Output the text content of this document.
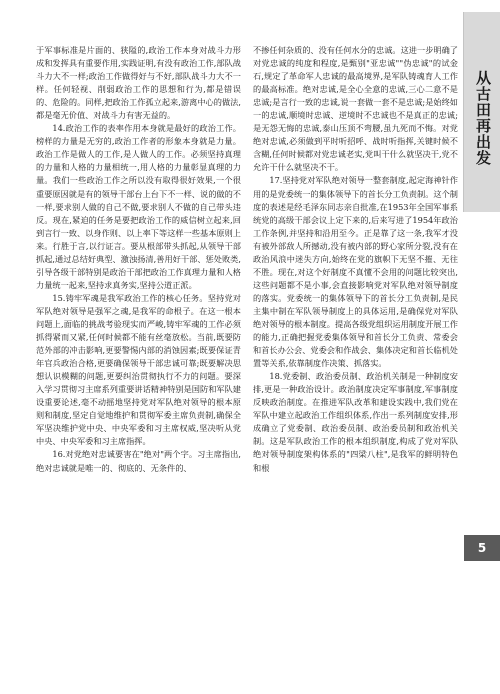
从古田再出发
5

于军事标准是片面的、狭隘的,政治工作本身对战斗力形成和发挥具有重要作用,实践证明,有没有政治工作,部队战斗力大不一样;政治工作做得好与不好,部队战斗力大不一样。任何轻视、削弱政治工作的思想和行为,都是错误的、危险的。同样,把政治工作孤立起来,游离中心的做法,都是毫无价值、对战斗力有害无益的。

14.政治工作的表率作用本身就是最好的政治工作。榜样的力量是无穷的,政治工作者的形象本身就是力量。政治工作是做人的工作,是人做人的工作。必须坚持真理的力量和人格的力量相统一,用人格的力量彰显真理的力量。我们一些政治工作之所以没有取得很好效果,一个很重要原因就是有的领导干部台上台下不一样、说的做的不一样,要求别人做的自己不做,要求别人不做的自己带头违反。现在,紧迫的任务是要把政治工作的威信树立起来,回到言行一致、以身作则、以上率下等这样一些基本原则上来。行胜于言,以行证言。要从根部带头抓起,从领导干部抓起,通过总结好典型、激浊扬清,善用好干部、惩处败类,引导各级干部特别是政治干部把政治工作真理力量和人格力量统一起来,坚持求真务实,坚持公道正派。

15.铸牢军魂是我军政治工作的核心任务。坚持党对军队绝对领导是强军之魂,是我军的命根子。在这一根本问题上,面临的挑战考验现实而严峻,铸牢军魂的工作必须抓得紧而又紧,任何时候都不能有丝毫放松。当前,既要防范外部的冲击影响,更要警惕内部的消蚀因素;既要保证青年官兵政治合格,更要确保领导干部忠诚可靠;既要解决思想认识模糊的问题,更要纠治贯彻执行不力的问题。要深入学习贯彻习主席系列重要讲话精神特别是国防和军队建设重要论述,毫不动摇地坚持党对军队绝对领导的根本原则和制度,坚定自觉地维护和贯彻军委主席负责制,确保全军坚决维护党中央、中央军委和习主席权威,坚决听从党中央、中央军委和习主席指挥。

16.对党绝对忠诚要害在"绝对"两个字。习主席指出,绝对忠诚就是唯一的、彻底的、无条件的、

不掺任何杂质的、没有任何水分的忠诚。这进一步明确了对党忠诚的纯度和程度,是甄别"亚忠诚""伪忠诚"的试金石,规定了革命军人忠诚的最高境界,是军队铸魂育人工作的最高标准。绝对忠诚,是全心全意的忠诚,三心二意不是忠诚;是言行一致的忠诚,说一套做一套不是忠诚;是始终如一的忠诚,顺境时忠诚、逆境时不忠诚也不是真正的忠诚;是无怨无悔的忠诚,泰山压顶不弯腰,虽九死而不悔。对党绝对忠诚,必须做到平时听招呼、战时听指挥,关键时候不含糊,任何时候都对党忠诚老实,党叫干什么就坚决干,党不允许干什么就坚决不干。

17.坚持党对军队绝对领导一整套制度,起定海神针作用的是党委统一的集体领导下的首长分工负责制。这个制度的表述是经毛泽东同志亲自批准,在1953年全国军事系统党的高级干部会议上定下来的,后来写进了1954年政治工作条例,并坚持和沿用至今。正是靠了这一条,我军才没有被外部敌人所撼动,没有被内部的野心家所分裂,没有在政治风浪中迷失方向,始终在党的旗帜下无坚不摧、无往不胜。现在,对这个好制度不真懂不会用的问题比较突出,这些问题都不是小事,会直接影响党对军队绝对领导制度的落实。党委统一的集体领导下的首长分工负责制,是民主集中制在军队领导制度上的具体运用,是确保党对军队绝对领导的根本制度。提高各级党组织运用制度开展工作的能力,正确把握党委集体领导和首长分工负责、常委会和首长办公会、党委会和作战会、集体决定和首长临机处置等关系,依靠制度作决策、抓落实。

18.党委制、政治委员制、政治机关制是一种制度安排,更是一种政治设计。政治制度决定军事制度,军事制度反映政治制度。在推进军队改革和建设实践中,我们党在军队中建立起政治工作组织体系,作出一系列制度安排,形成确立了党委制、政治委员制、政治委员制和政治机关制。这是军队政治工作的根本组织制度,构成了党对军队绝对领导制度架构体系的"四梁八柱",是我军的鲜明特色和根
